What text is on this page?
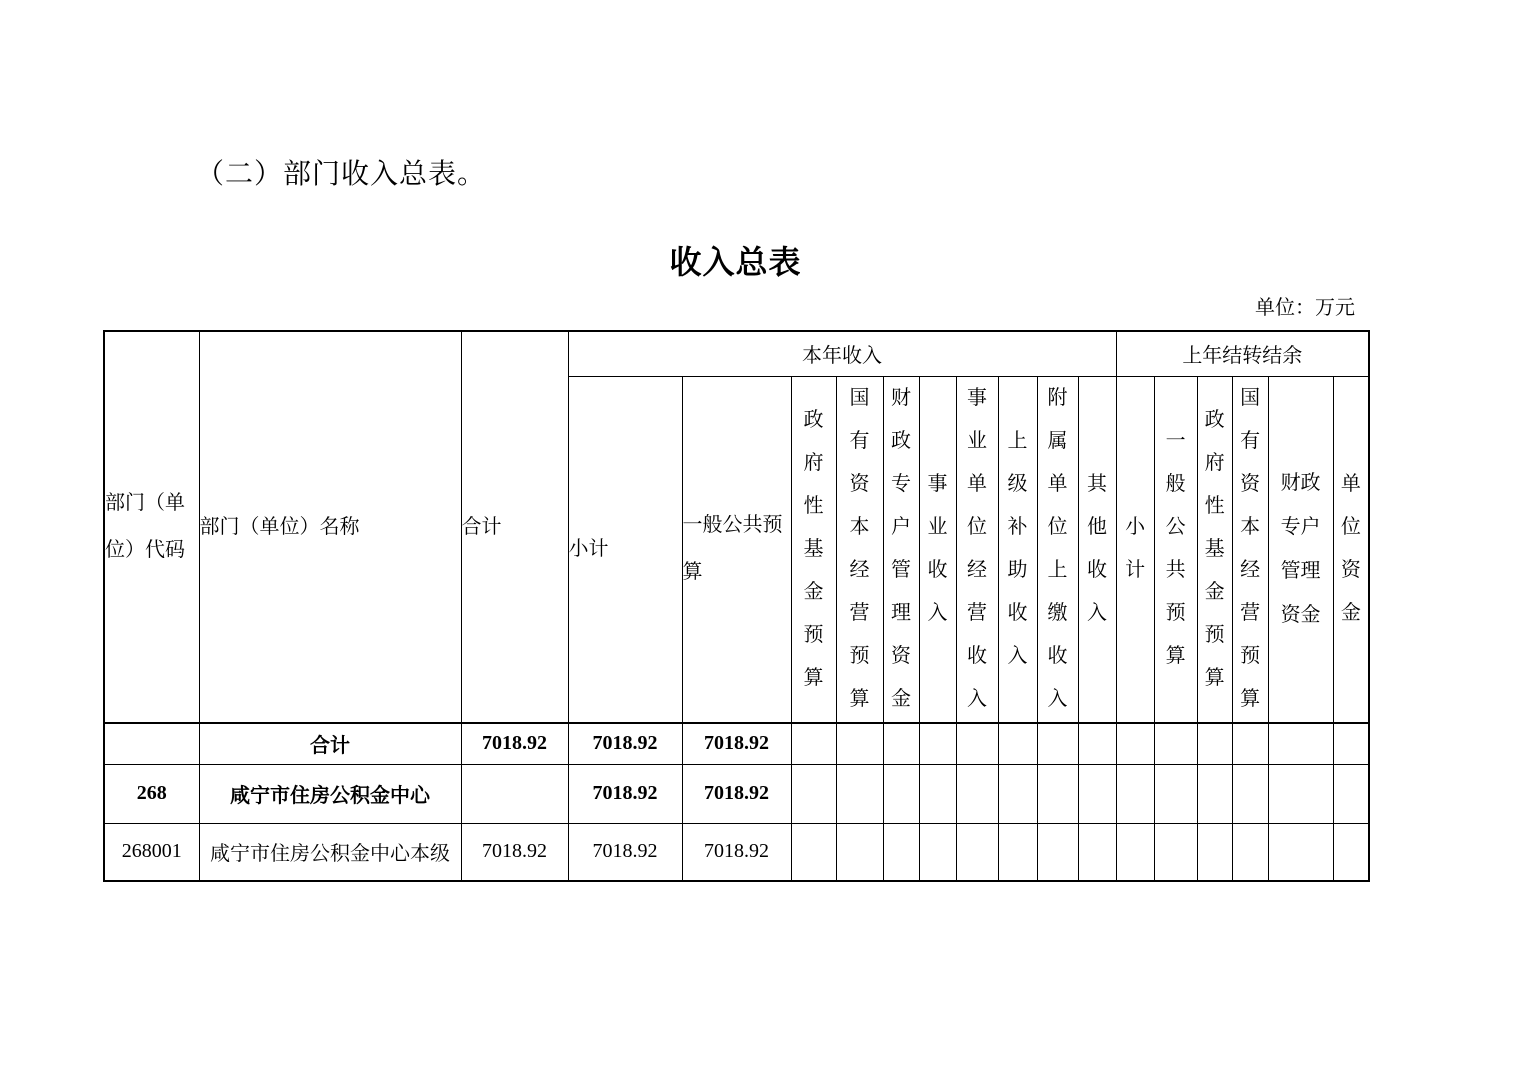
（二）部门收入总表。
收入总表
单位：万元
部门（单位）代码	部门（单位）名称	合计	本年收入										上年结转结余					
			小计	一般公共预算	政府性基金预算	国有资本经营预算	财政专户管理资金	事业收入	事业单位经营收入	上级补助收入	附属单位上缴收入	其他收入	小计	一般公共预算	政府性基金预算	国有资本经营预算	财政专户管理资金	单位资金
	合计	7018.92	7018.92	7018.92														
268	咸宁市住房公积金中心		7018.92	7018.92														
268001	咸宁市住房公积金中心本级	7018.92	7018.92	7018.92														
